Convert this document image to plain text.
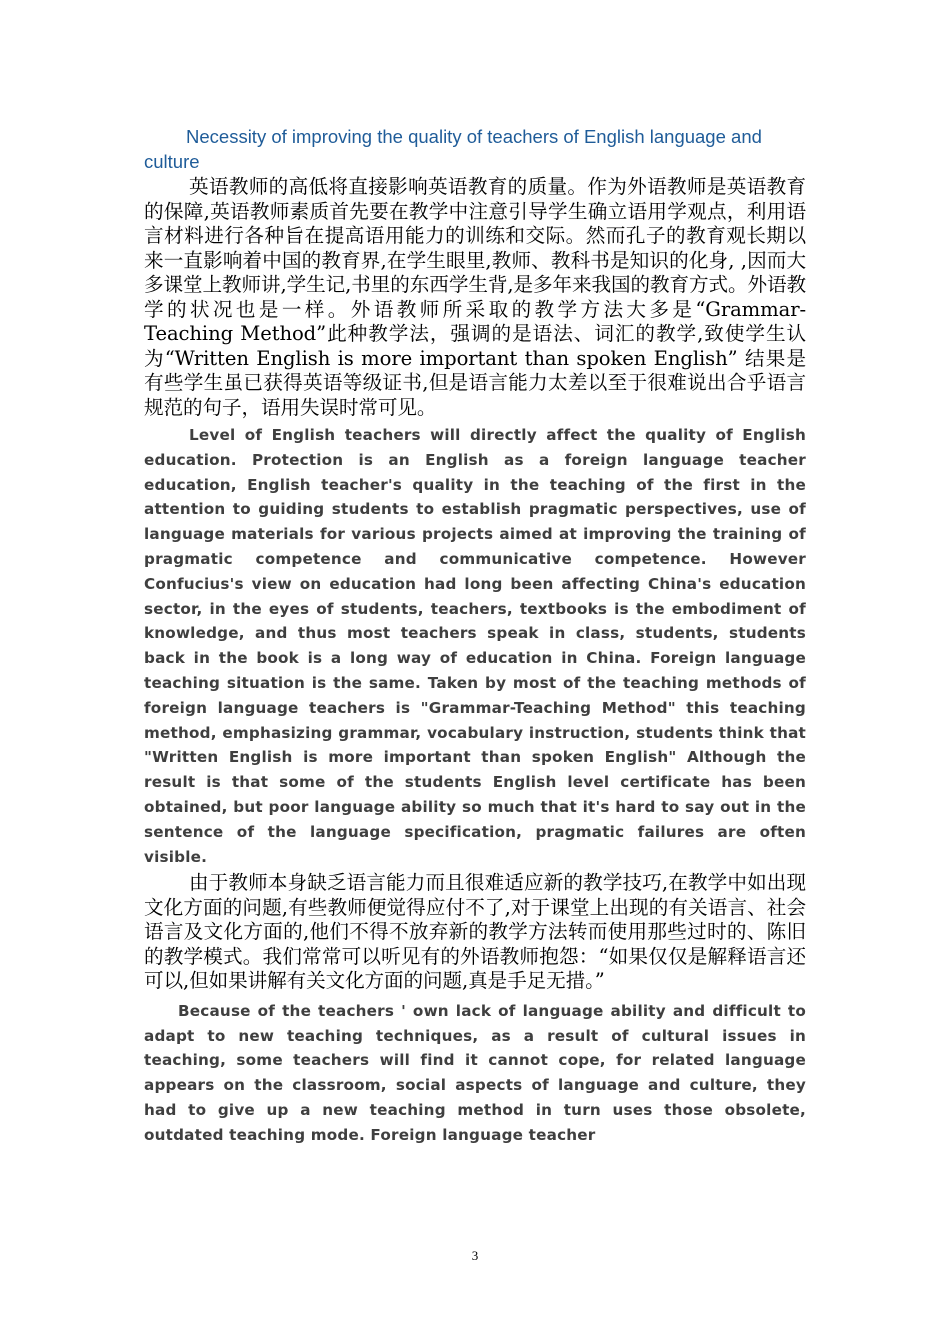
Necessity of improving the quality of teachers of English language and culture

英语教师的高低将直接影响英语教育的质量。作为外语教师是英语教育的保障,英语教师素质首先要在教学中注意引导学生确立语用学观点，利用语言材料进行各种旨在提高语用能力的训练和交际。然而孔子的教育观长期以来一直影响着中国的教育界,在学生眼里,教师、教科书是知识的化身, ,因而大多课堂上教师讲,学生记,书里的东西学生背,是多年来我国的教育方式。外语教学的状况也是一样。外语教师所采取的教学方法大多是“Grammar-Teaching Method”此种教学法，强调的是语法、词汇的教学,致使学生认为“Written English is more important than spoken English” 结果是有些学生虽已获得英语等级证书,但是语言能力太差以至于很难说出合乎语言规范的句子，语用失误时常可见。

Level of English teachers will directly affect the quality of English education. Protection is an English as a foreign language teacher education, English teacher's quality in the teaching of the first in the attention to guiding students to establish pragmatic perspectives, use of language materials for various projects aimed at improving the training of pragmatic competence and communicative competence. However Confucius's view on education had long been affecting China's education sector, in the eyes of students, teachers, textbooks is the embodiment of knowledge, and thus most teachers speak in class, students, students back in the book is a long way of education in China. Foreign language teaching situation is the same. Taken by most of the teaching methods of foreign language teachers is "Grammar-Teaching Method" this teaching method, emphasizing grammar, vocabulary instruction, students think that "Written English is more important than spoken English" Although the result is that some of the students English level certificate has been obtained, but poor language ability so much that it's hard to say out in the sentence of the language specification, pragmatic failures are often visible.

由于教师本身缺乏语言能力而且很难适应新的教学技巧,在教学中如出现文化方面的问题,有些教师便觉得应付不了,对于课堂上出现的有关语言、社会语言及文化方面的,他们不得不放弃新的教学方法转而使用那些过时的、陈旧的教学模式。我们常常可以听见有的外语教师抱怨：“如果仅仅是解释语言还可以,但如果讲解有关文化方面的问题,真是手足无措。”

Because of the teachers ' own lack of language ability and difficult to adapt to new teaching techniques, as a result of cultural issues in teaching, some teachers will find it cannot cope, for related language appears on the classroom, social aspects of language and culture, they had to give up a new teaching method in turn uses those obsolete, outdated teaching mode. Foreign language teacher

3
